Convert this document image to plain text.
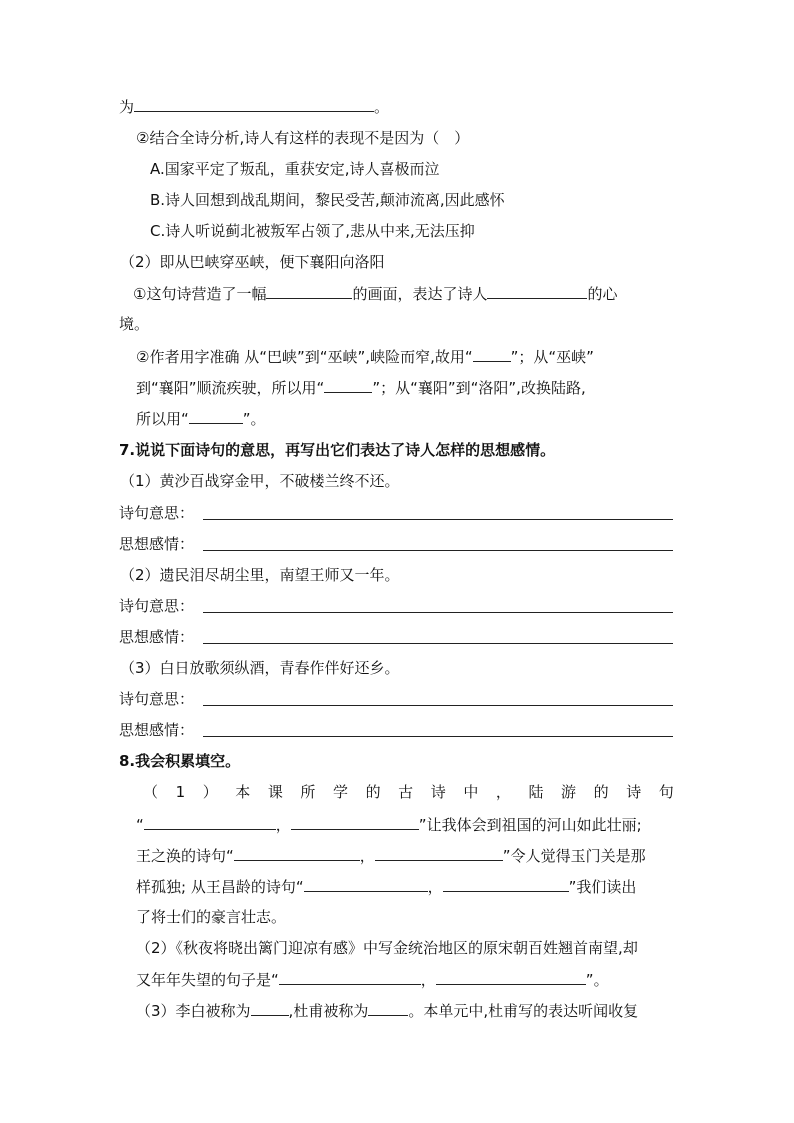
为	。
②结合全诗分析,诗人有这样的表现不是因为（　）
A.国家平定了叛乱，重获安定,诗人喜极而泣
B.诗人回想到战乱期间，黎民受苦,颠沛流离,因此感怀
C.诗人听说蓟北被叛军占领了,悲从中来,无法压抑
（2）即从巴峡穿巫峡，便下襄阳向洛阳
①这句诗营造了一幅	的画面，表达了诗人	的心
境。
②作者用字准确 从“巴峡”到“巫峡”,峡险而窄,故用“	”；从“巫峡”
到“襄阳”顺流疾驶，所以用“	”；从“襄阳”到“洛阳”,改换陆路,
所以用“	”。
7.说说下面诗句的意思，再写出它们表达了诗人怎样的思想感情。
（1）黄沙百战穿金甲，不破楼兰终不还。
诗句意思：
思想感情：
（2）遗民泪尽胡尘里，南望王师又一年。
诗句意思：
思想感情：
（3）白日放歌须纵酒，青春作伴好还乡。
诗句意思：
思想感情：
8.我会积累填空。
（ 1 ） 本 课 所 学 的 古 诗 中 ， 陆 游 的 诗 句
“	，	”让我体会到祖国的河山如此壮丽;
王之涣的诗句“	，	”令人觉得玉门关是那
样孤独; 从王昌龄的诗句“	，	”我们读出
了将士们的豪言壮志。
（2）《秋夜将晓出篱门迎凉有感》中写金统治地区的原宋朝百姓翘首南望,却
又年年失望的句子是“	，	”。
（3）李白被称为	,杜甫被称为	。本单元中,杜甫写的表达听闻收复
